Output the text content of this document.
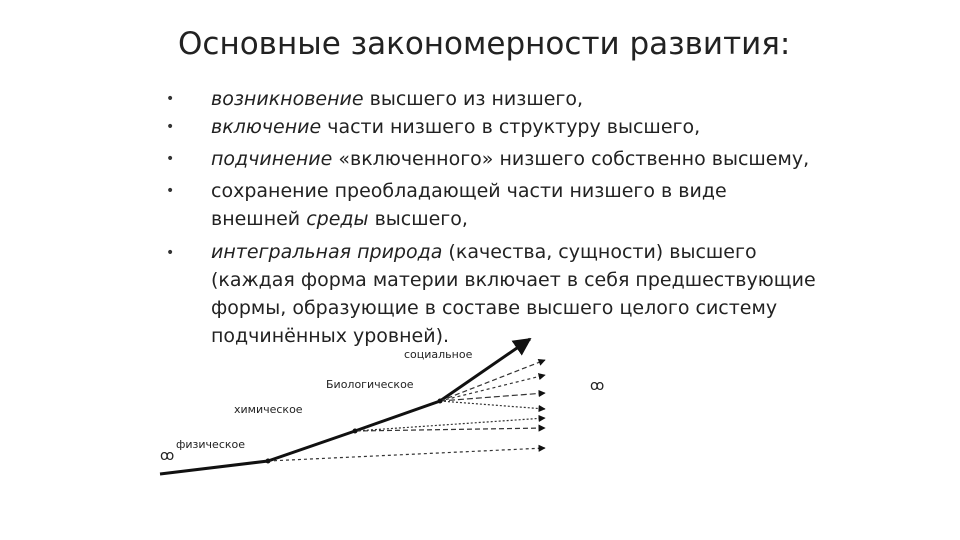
Основные закономерности развития:
• возникновение высшего из низшего,
• включение части низшего в структуру высшего,
• подчинение «включенного» низшего собственно высшему,
• сохранение преобладающей части низшего в виде внешней среды высшего,
• интегральная природа (качества, сущности) высшего (каждая форма материи включает в себя предшествующие формы, образующие в составе высшего целого систему подчинённых уровней).
социальное
Биологическое
химическое
физическое
ꝏ
ꝏ
